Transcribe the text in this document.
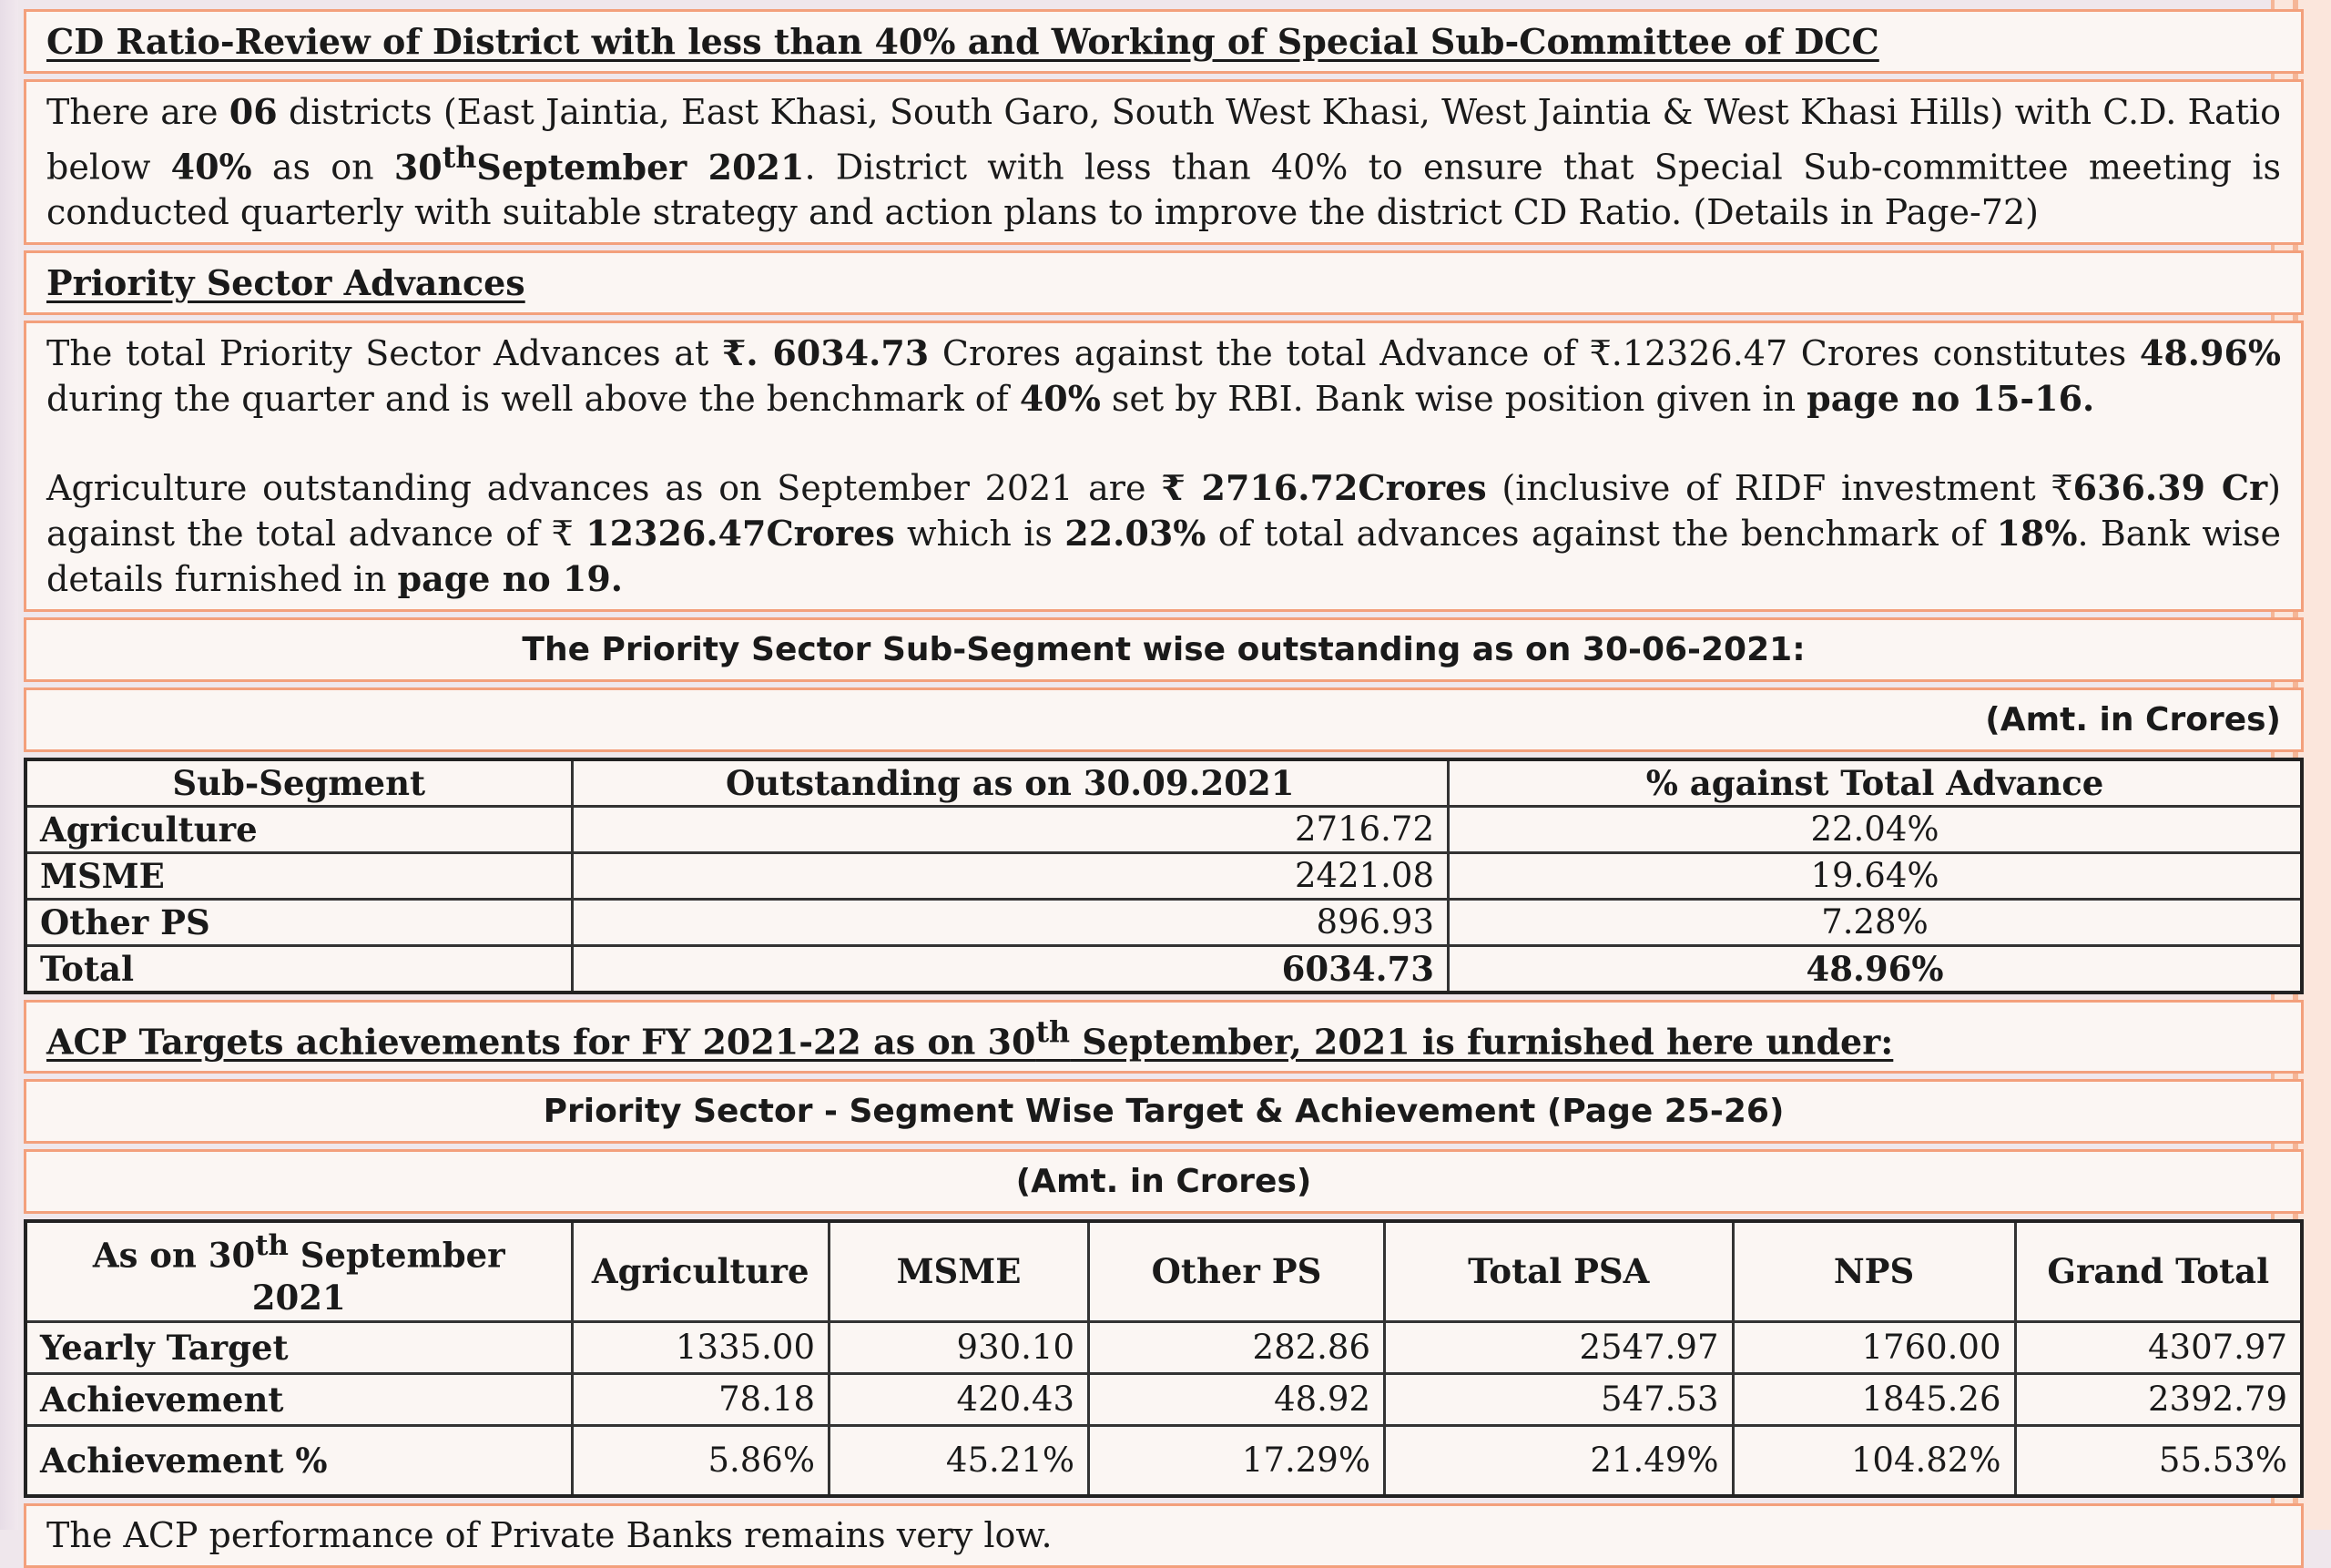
CD Ratio-Review of District with less than 40% and Working of Special Sub-Committee of DCC
There are 06 districts (East Jaintia, East Khasi, South Garo, South West Khasi, West Jaintia & West Khasi Hills) with C.D. Ratio below 40% as on 30thSeptember 2021. District with less than 40% to ensure that Special Sub-committee meeting is conducted quarterly with suitable strategy and action plans to improve the district CD Ratio. (Details in Page-72)
Priority Sector Advances
The total Priority Sector Advances at ₹. 6034.73 Crores against the total Advance of ₹.12326.47 Crores constitutes 48.96% during the quarter and is well above the benchmark of 40% set by RBI. Bank wise position given in page no 15-16.
Agriculture outstanding advances as on September 2021 are ₹ 2716.72Crores (inclusive of RIDF investment ₹636.39 Cr) against the total advance of ₹ 12326.47Crores which is 22.03% of total advances against the benchmark of 18%. Bank wise details furnished in page no 19.
The Priority Sector Sub-Segment wise outstanding as on 30-06-2021:
(Amt. in Crores)
Sub-Segment	Outstanding as on 30.09.2021	% against Total Advance
Agriculture	2716.72	22.04%
MSME	2421.08	19.64%
Other PS	896.93	7.28%
Total	6034.73	48.96%
ACP Targets achievements for FY 2021-22 as on 30th September, 2021 is furnished here under:
Priority Sector - Segment Wise Target & Achievement (Page 25-26)
(Amt. in Crores)
As on 30th September 2021	Agriculture	MSME	Other PS	Total PSA	NPS	Grand Total
Yearly Target	1335.00	930.10	282.86	2547.97	1760.00	4307.97
Achievement	78.18	420.43	48.92	547.53	1845.26	2392.79
Achievement %	5.86%	45.21%	17.29%	21.49%	104.82%	55.53%
The ACP performance of Private Banks remains very low.
